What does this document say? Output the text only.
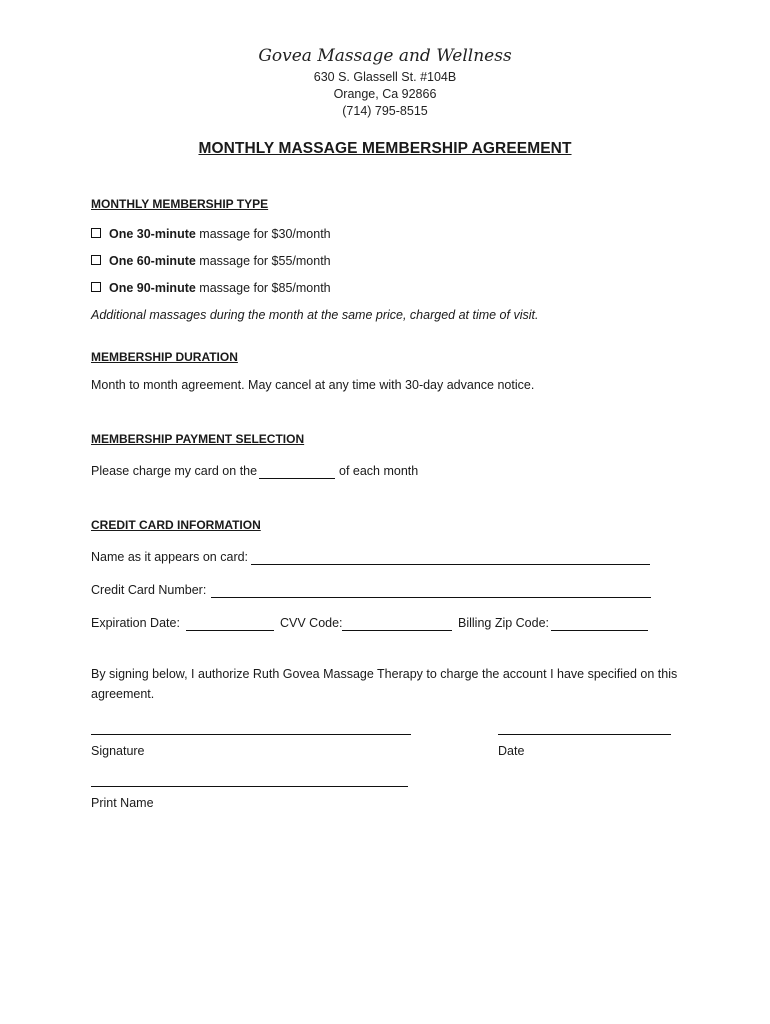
Govea Massage and Wellness
630 S. Glassell St. #104B
Orange, Ca 92866
(714) 795-8515
MONTHLY MASSAGE MEMBERSHIP AGREEMENT
MONTHLY MEMBERSHIP TYPE
One 30-minute massage for $30/month
One 60-minute massage for $55/month
One 90-minute massage for $85/month
Additional massages during the month at the same price, charged at time of visit.
MEMBERSHIP DURATION
Month to month agreement. May cancel at any time with 30-day advance notice.
MEMBERSHIP PAYMENT SELECTION
Please charge my card on the	of each month
CREDIT CARD INFORMATION
Name as it appears on card:
Credit Card Number:
Expiration Date:	CVV Code:	Billing Zip Code:
By signing below, I authorize Ruth Govea Massage Therapy to charge the account I have specified on this
agreement.
Signature	Date
Print Name
